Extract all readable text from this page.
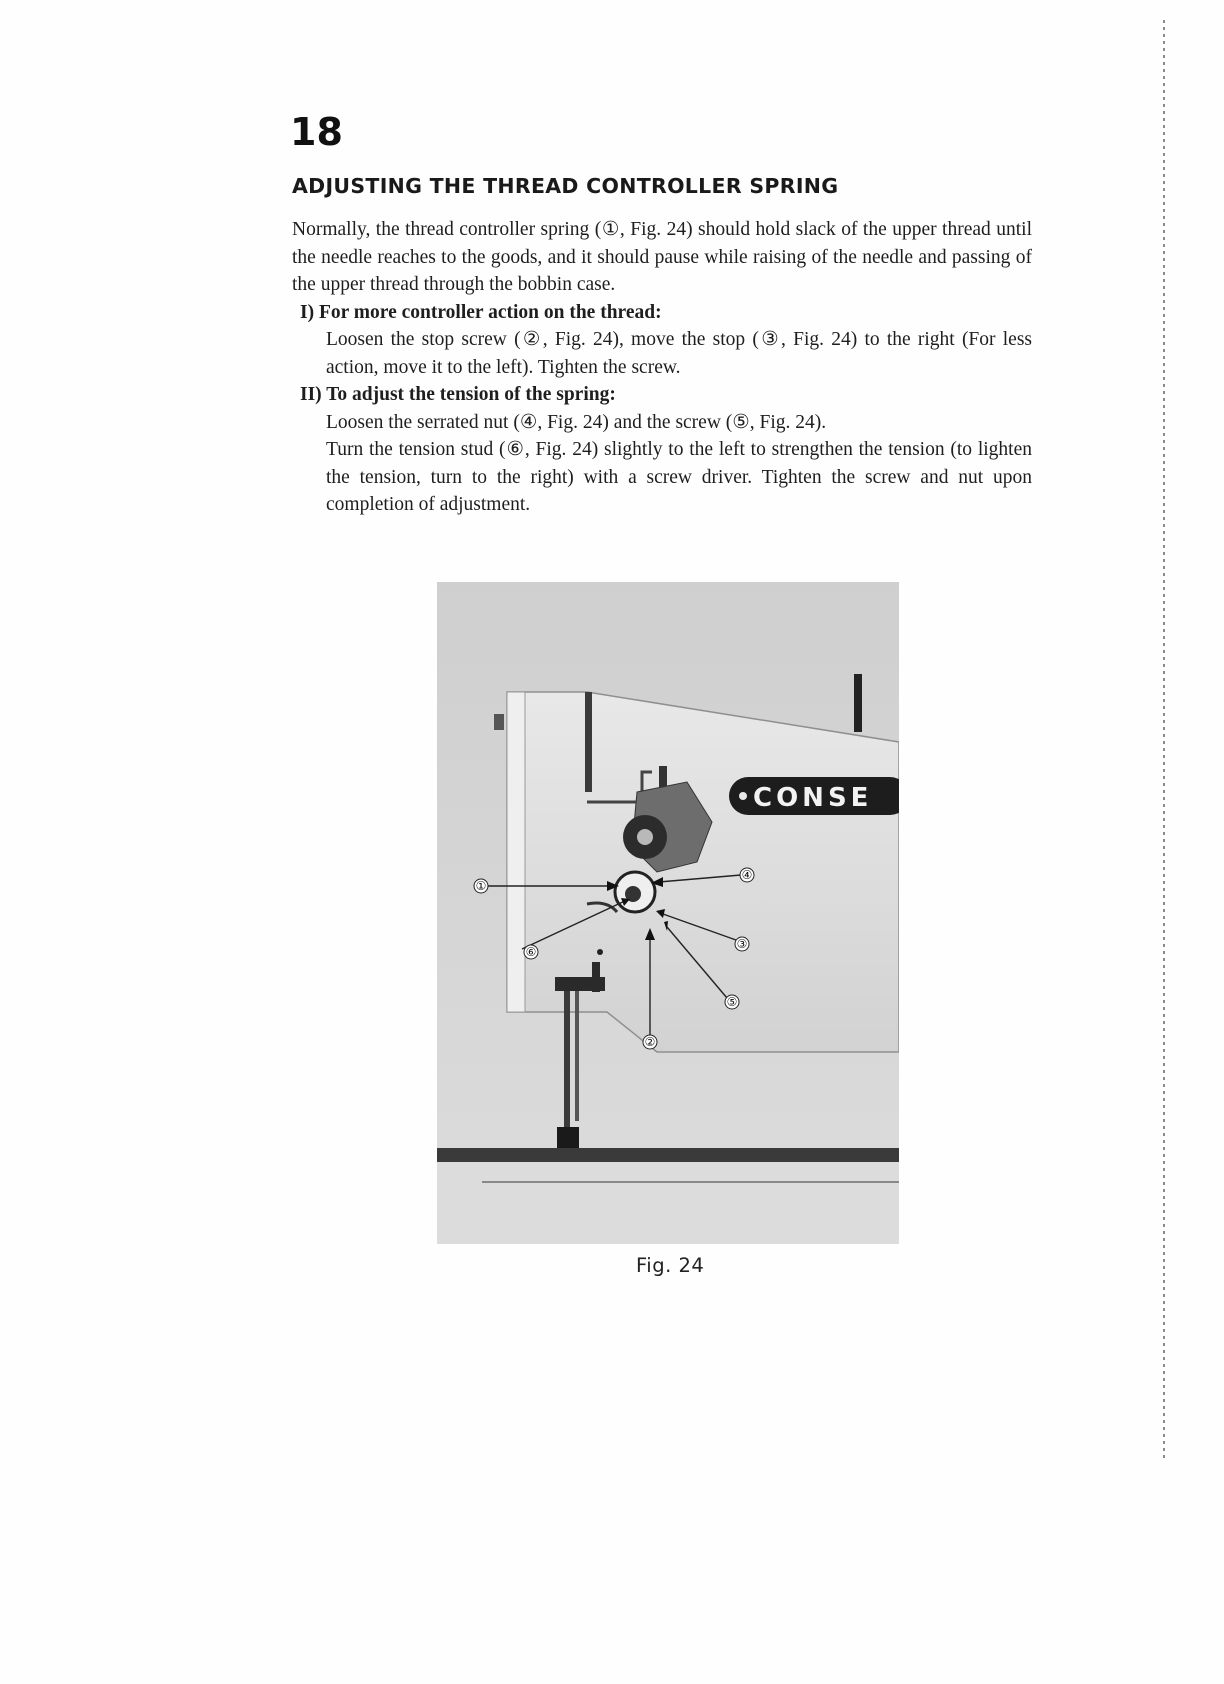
18
ADJUSTING THE THREAD CONTROLLER SPRING

Normally, the thread controller spring (①, Fig. 24) should hold slack of the upper thread until the needle reaches to the goods, and it should pause while raising of the needle and passing of the upper thread through the bobbin case.

I) For more controller action on the thread:

Loosen the stop screw (②, Fig. 24), move the stop (③, Fig. 24) to the right (For less action, move it to the left). Tighten the screw.

II) To adjust the tension of the spring:

Loosen the serrated nut (④, Fig. 24) and the screw (⑤, Fig. 24).

Turn the tension stud (⑥, Fig. 24) slightly to the left to strengthen the tension (to lighten the tension, turn to the right) with a screw driver. Tighten the screw and nut upon completion of adjustment.

CONSE
①
②
③
④
⑤
⑥
Fig. 24
